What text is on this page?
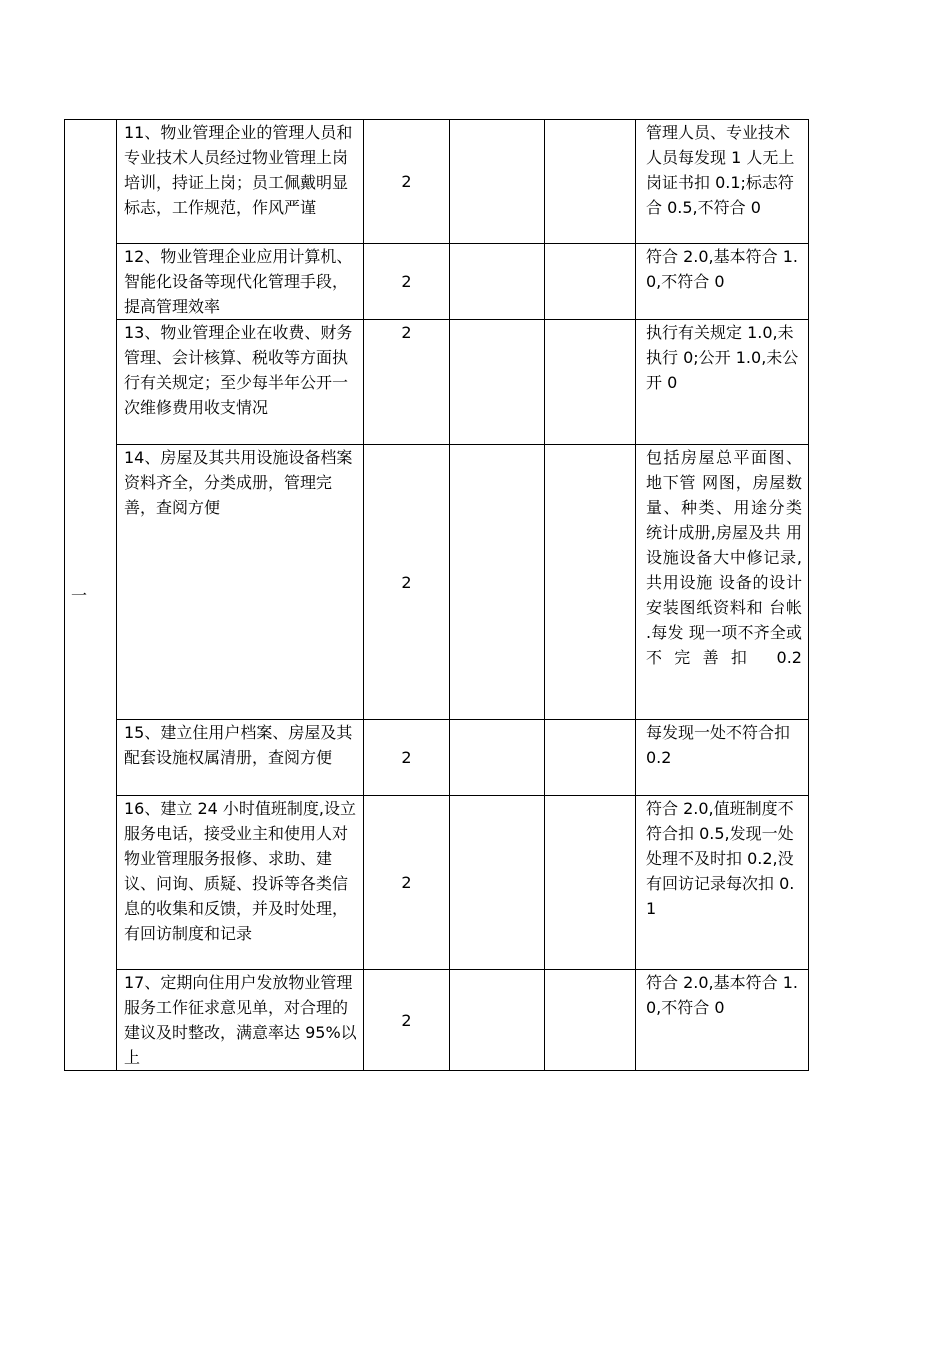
一	11、物业管理企业的管理人员和专业技术人员经过物业管理上岗培训，持证上岗；员工佩戴明显标志，工作规范，作风严谨	2			管理人员、专业技术人员每发现 1 人无上岗证书扣 0.1;标志符合 0.5,不符合 0
	12、物业管理企业应用计算机、智能化设备等现代化管理手段，提高管理效率	2			符合 2.0,基本符合 1.0,不符合 0
	13、物业管理企业在收费、财务管理、会计核算、税收等方面执行有关规定；至少每半年公开一次维修费用收支情况	2			执行有关规定 1.0,未执行 0;公开 1.0,未公开 0
	14、房屋及其共用设施设备档案资料齐全，分类成册，管理完善，查阅方便	2			包括房屋总平面图、 地下管 网图，房屋数量、种类、用途分类统计成册,房屋及共 用设施设备大中修记录,共用设施 设备的设计安装图纸资料和 台帐 .每发 现一项不齐全或不完善扣 0.2
	15、建立住用户档案、房屋及其配套设施权属清册，查阅方便	2			每发现一处不符合扣 0.2
	16、建立 24 小时值班制度,设立服务电话，接受业主和使用人对物业管理服务报修、求助、建议、问询、质疑、投诉等各类信息的收集和反馈，并及时处理，有回访制度和记录	2			符合 2.0,值班制度不符合扣 0.5,发现一处处理不及时扣 0.2,没有回访记录每次扣 0.1
	17、定期向住用户发放物业管理服务工作征求意见单，对合理的建议及时整改，满意率达 95%以上	2			符合 2.0,基本符合 1.0,不符合 0
